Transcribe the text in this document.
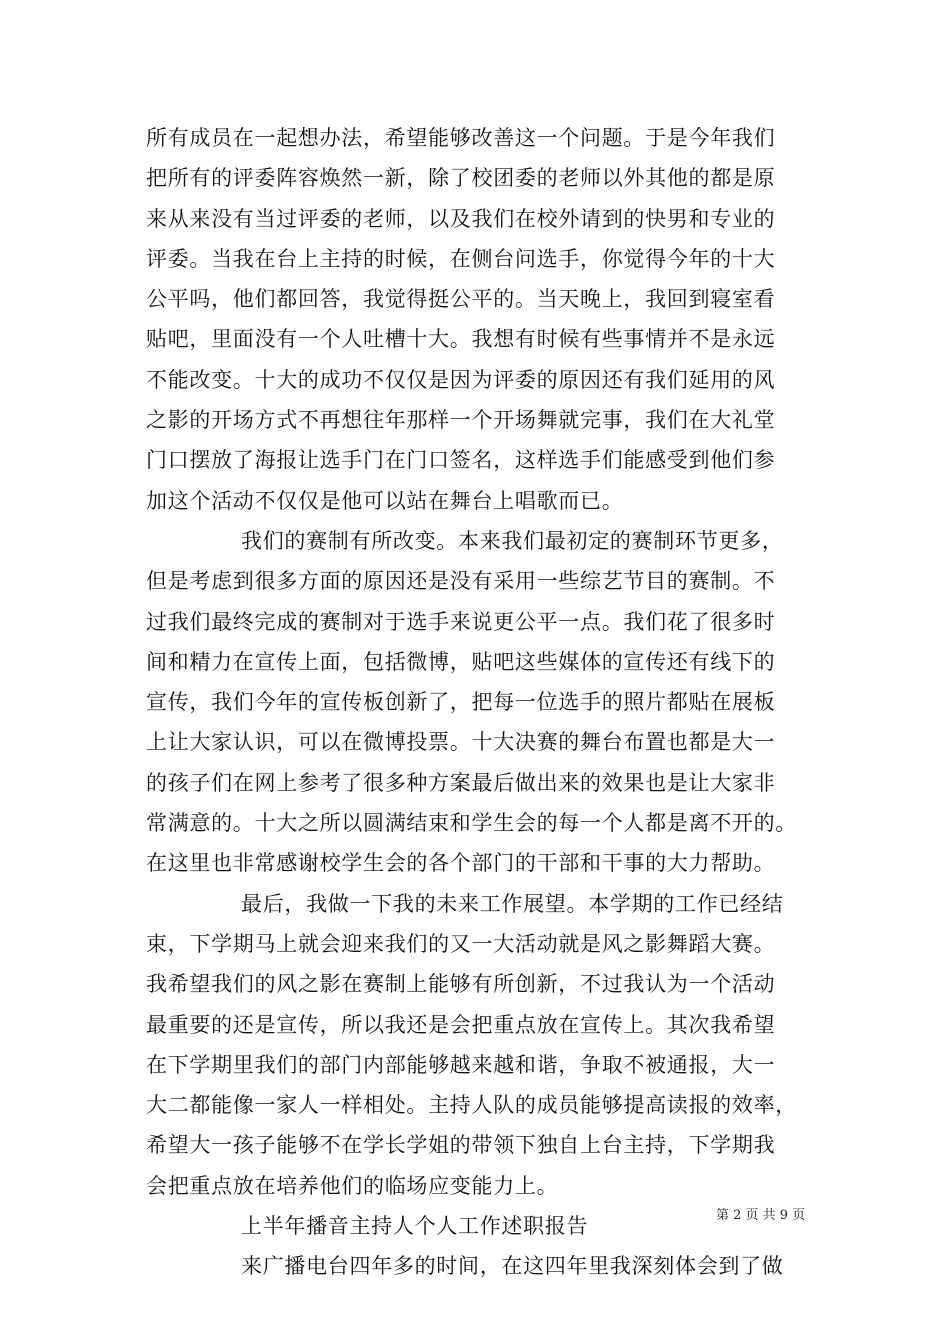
所有成员在一起想办法，希望能够改善这一个问题。于是今年我们
把所有的评委阵容焕然一新，除了校团委的老师以外其他的都是原
来从来没有当过评委的老师，以及我们在校外请到的快男和专业的
评委。当我在台上主持的时候，在侧台问选手，你觉得今年的十大
公平吗，他们都回答，我觉得挺公平的。当天晚上，我回到寝室看
贴吧，里面没有一个人吐槽十大。我想有时候有些事情并不是永远
不能改变。十大的成功不仅仅是因为评委的原因还有我们延用的风
之影的开场方式不再想往年那样一个开场舞就完事，我们在大礼堂
门口摆放了海报让选手门在门口签名，这样选手们能感受到他们参
加这个活动不仅仅是他可以站在舞台上唱歌而已。
我们的赛制有所改变。本来我们最初定的赛制环节更多，
但是考虑到很多方面的原因还是没有采用一些综艺节目的赛制。不
过我们最终完成的赛制对于选手来说更公平一点。我们花了很多时
间和精力在宣传上面，包括微博，贴吧这些媒体的宣传还有线下的
宣传，我们今年的宣传板创新了，把每一位选手的照片都贴在展板
上让大家认识，可以在微博投票。十大决赛的舞台布置也都是大一
的孩子们在网上参考了很多种方案最后做出来的效果也是让大家非
常满意的。十大之所以圆满结束和学生会的每一个人都是离不开的。
在这里也非常感谢校学生会的各个部门的干部和干事的大力帮助。
最后，我做一下我的未来工作展望。本学期的工作已经结
束，下学期马上就会迎来我们的又一大活动就是风之影舞蹈大赛。
我希望我们的风之影在赛制上能够有所创新，不过我认为一个活动
最重要的还是宣传，所以我还是会把重点放在宣传上。其次我希望
在下学期里我们的部门内部能够越来越和谐，争取不被通报，大一
大二都能像一家人一样相处。主持人队的成员能够提高读报的效率，
希望大一孩子能够不在学长学姐的带领下独自上台主持，下学期我
会把重点放在培养他们的临场应变能力上。
上半年播音主持人个人工作述职报告
来广播电台四年多的时间，在这四年里我深刻体会到了做
第 2 页 共 9 页
